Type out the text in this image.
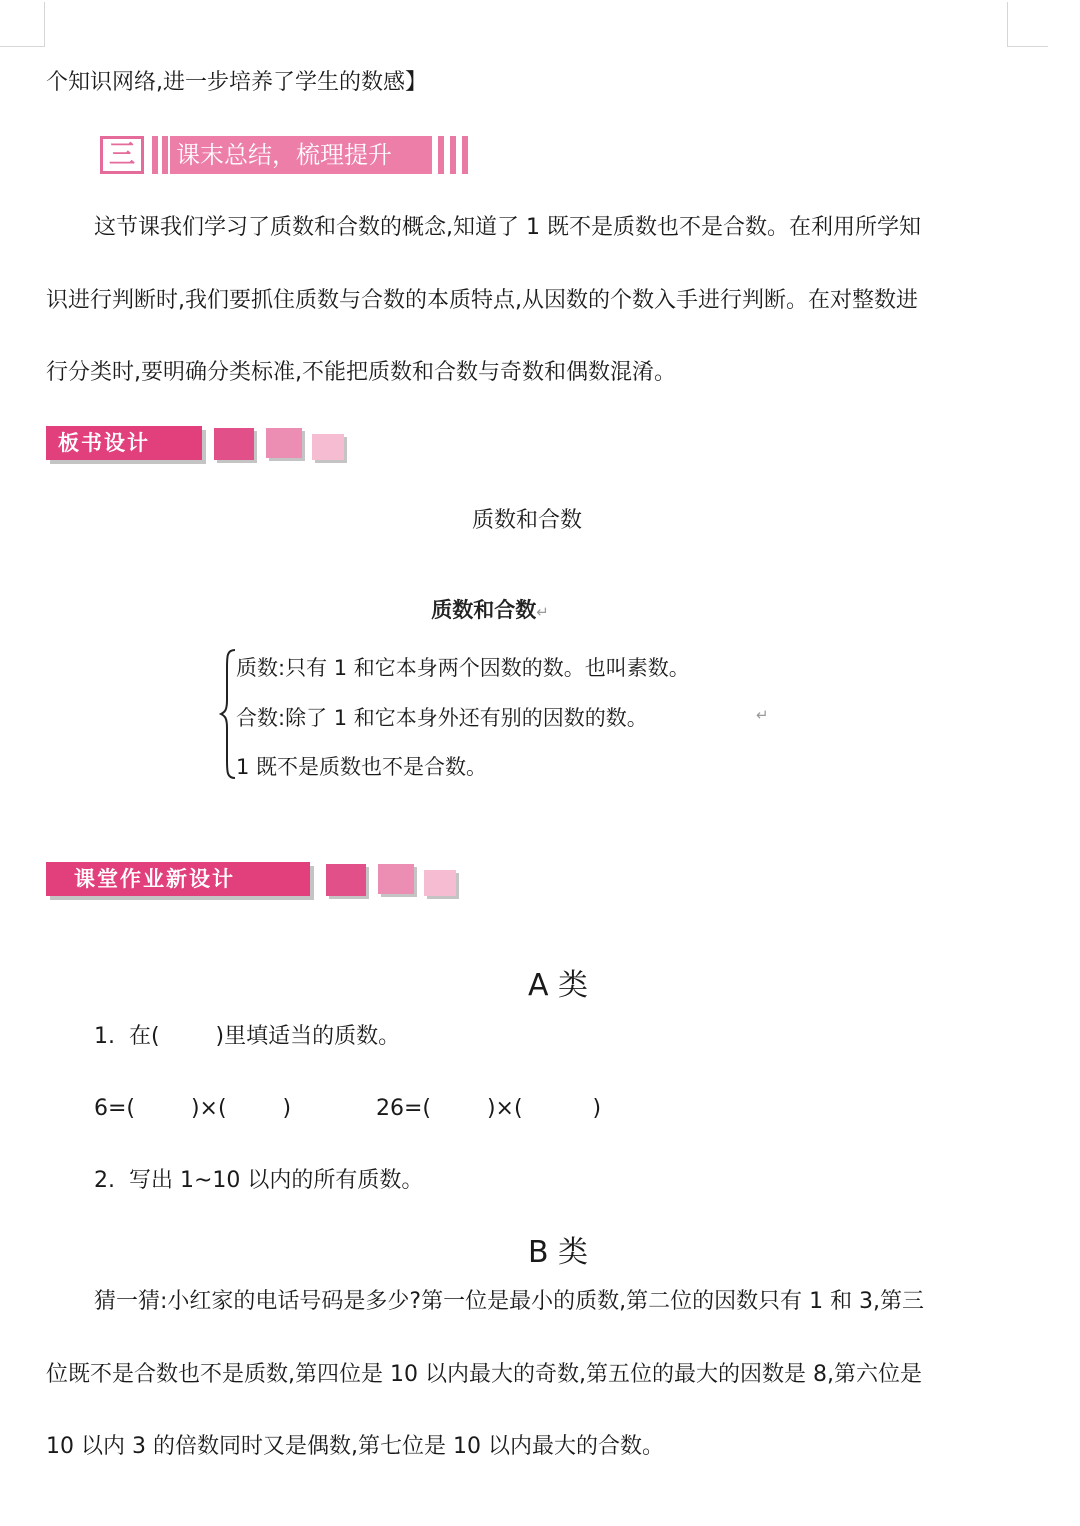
个知识网络,进一步培养了学生的数感】
三	课末总结，梳理提升
这节课我们学习了质数和合数的概念,知道了 1 既不是质数也不是合数。在利用所学知
识进行判断时,我们要抓住质数与合数的本质特点,从因数的个数入手进行判断。在对整数进
行分类时,要明确分类标准,不能把质数和合数与奇数和偶数混淆。
板书设计
质数和合数
质数和合数↵
质数:只有 1 和它本身两个因数的数。也叫素数。
合数:除了 1 和它本身外还有别的因数的数。	↵
1 既不是质数也不是合数。
课堂作业新设计
A 类
1.  在(        )里填适当的质数。
6=(        )×(        )	26=(        )×(          )
2.  写出 1~10 以内的所有质数。
B 类
猜一猜:小红家的电话号码是多少?第一位是最小的质数,第二位的因数只有 1 和 3,第三
位既不是合数也不是质数,第四位是 10 以内最大的奇数,第五位的最大的因数是 8,第六位是
10 以内 3 的倍数同时又是偶数,第七位是 10 以内最大的合数。
